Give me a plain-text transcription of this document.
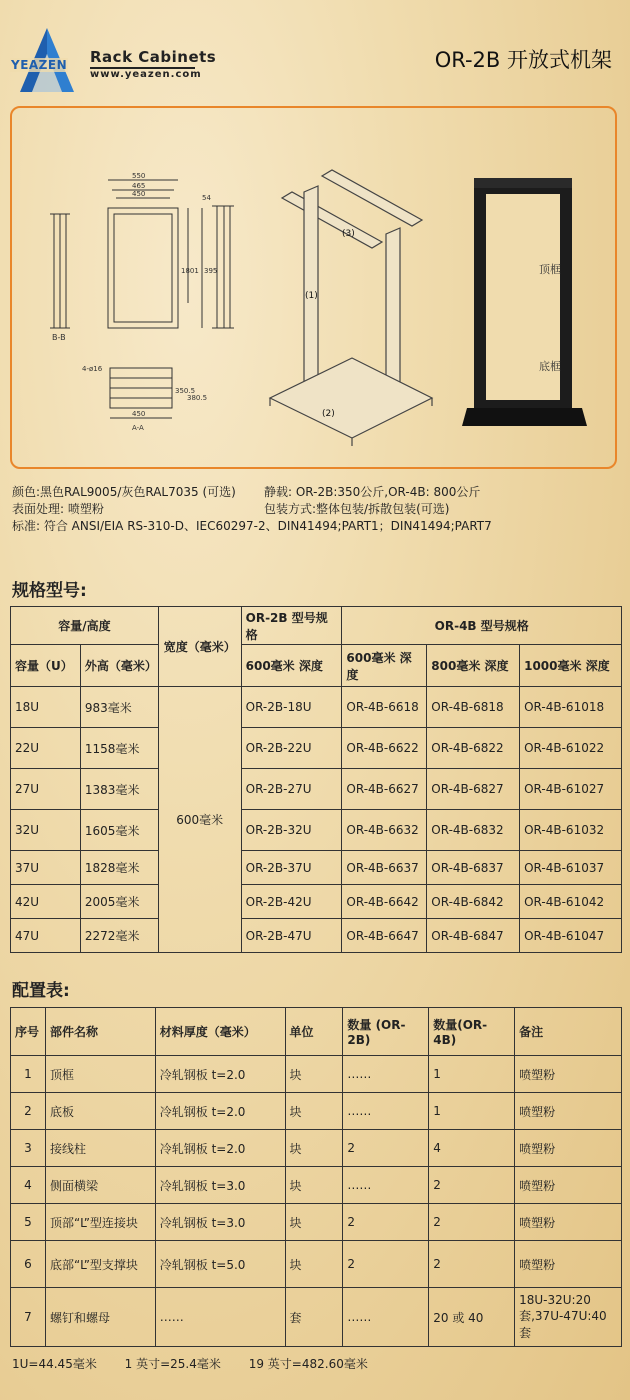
YEAZEN Rack Cabinets
www.yeazen.com
OR-2B 开放式机架
B-B
550
465
450
1801 395
54
4-ø16
350.5
380.5
450
A-A
(3)
(1)
(2)
顶框
底框
颜色:黑色RAL9005/灰色RAL7035 (可选) 静载: OR-2B:350公斤,OR-4B: 800公斤
表面处理: 喷塑粉	包装方式:整体包装/拆散包装(可选)
标准: 符合 ANSI/EIA RS-310-D、IEC60297-2、DIN41494;PART1；DIN41494;PART7
规格型号:
容量/高度		宽度（毫米）	OR-2B 型号规格	OR-4B 型号规格		
容量（U）	外高（毫米）		600毫米 深度	600毫米 深度	800毫米 深度	1000毫米 深度
18U	983毫米	600毫米	OR-2B-18U	OR-4B-6618	OR-4B-6818	OR-4B-61018
22U	1158毫米		OR-2B-22U	OR-4B-6622	OR-4B-6822	OR-4B-61022
27U	1383毫米		OR-2B-27U	OR-4B-6627	OR-4B-6827	OR-4B-61027
32U	1605毫米		OR-2B-32U	OR-4B-6632	OR-4B-6832	OR-4B-61032
37U	1828毫米		OR-2B-37U	OR-4B-6637	OR-4B-6837	OR-4B-61037
42U	2005毫米		OR-2B-42U	OR-4B-6642	OR-4B-6842	OR-4B-61042
47U	2272毫米		OR-2B-47U	OR-4B-6647	OR-4B-6847	OR-4B-61047
配置表:
序号	部件名称	材料厚度（毫米）	单位	数量 (OR-2B)	数量(OR-4B)	备注
1	顶框	冷轧钢板 t=2.0	块	……	1	喷塑粉
2	底板	冷轧钢板 t=2.0	块	……	1	喷塑粉
3	接线柱	冷轧钢板 t=2.0	块	2	4	喷塑粉
4	侧面横梁	冷轧钢板 t=3.0	块	……	2	喷塑粉
5	顶部“L”型连接块	冷轧钢板 t=3.0	块	2	2	喷塑粉
6	底部“L”型支撑块	冷轧钢板 t=5.0	块	2	2	喷塑粉
7	螺钉和螺母	……	套	……	20 或 40	18U-32U:20 套,37U-47U:40 套
1U=44.45毫米 1 英寸=25.4毫米 19 英寸=482.60毫米
